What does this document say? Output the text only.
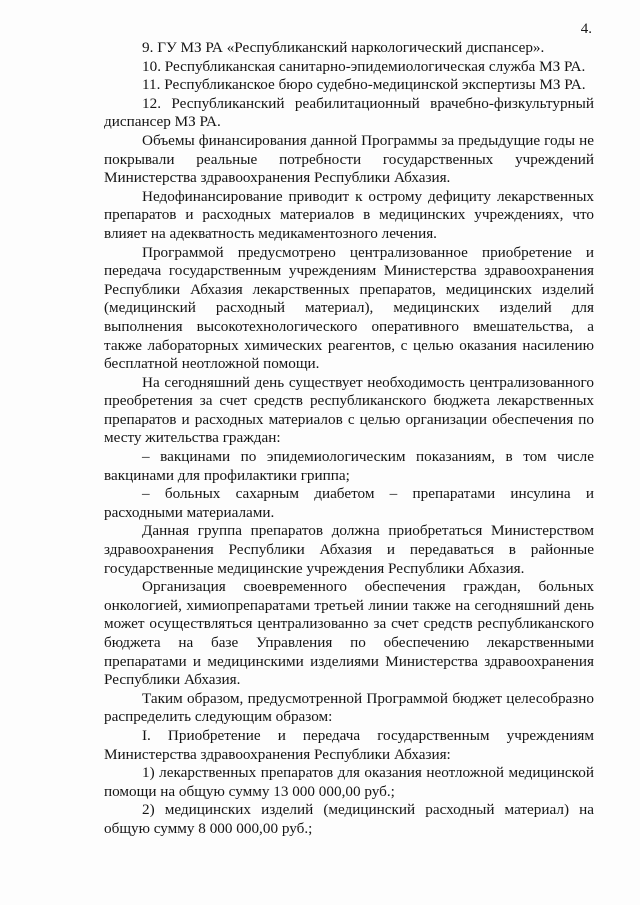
4.

9. ГУ МЗ РА «Республиканский наркологический диспансер».

10. Республиканская санитарно-эпидемиологическая служба МЗ РА.

11. Республиканское бюро судебно-медицинской экспертизы МЗ РА.

12. Республиканский реабилитационный врачебно-физкультурный диспансер МЗ РА.

Объемы финансирования данной Программы за предыдущие годы не покрывали реальные потребности государственных учреждений Министерства здравоохранения Республики Абхазия.

Недофинансирование приводит к острому дефициту лекарственных препаратов и расходных материалов в медицинских учреждениях, что влияет на адекватность медикаментозного лечения.

Программой предусмотрено централизованное приобретение и передача государственным учреждениям Министерства здравоохранения Республики Абхазия лекарственных препаратов, медицинских изделий (медицинский расходный материал), медицинских изделий для выполнения высокотехнологического оперативного вмешательства, а также лабораторных химических реагентов, с целью оказания насилению бесплатной неотложной помощи.

На сегодняшний день существует необходимость централизованного преобретения за счет средств республиканского бюджета лекарственных препаратов и расходных материалов с целью организации обеспечения по месту жительства граждан:

– вакцинами по эпидемиологическим показаниям, в том числе вакцинами для профилактики гриппа;

– больных сахарным диабетом – препаратами инсулина и расходными материалами.

Данная группа препаратов должна приобретаться Министерством здравоохранения Республики Абхазия и передаваться в районные государственные медицинские учреждения Республики Абхазия.

Организация своевременного обеспечения граждан, больных онкологией, химиопрепаратами третьей линии также на сегодняшний день может осуществляться централизованно за счет средств республиканского бюджета на базе Управления по обеспечению лекарственными препаратами и медицинскими изделиями Министерства здравоохранения Республики Абхазия.

Таким образом, предусмотренной Программой бюджет целесобразно распределить следующим образом:

I. Приобретение и передача государственным учреждениям Министерства здравоохранения Республики Абхазия:

1) лекарственных препаратов для оказания неотложной медицинской помощи на общую сумму 13 000 000,00 руб.;

2) медицинских изделий (медицинский расходный материал) на общую сумму 8 000 000,00 руб.;
